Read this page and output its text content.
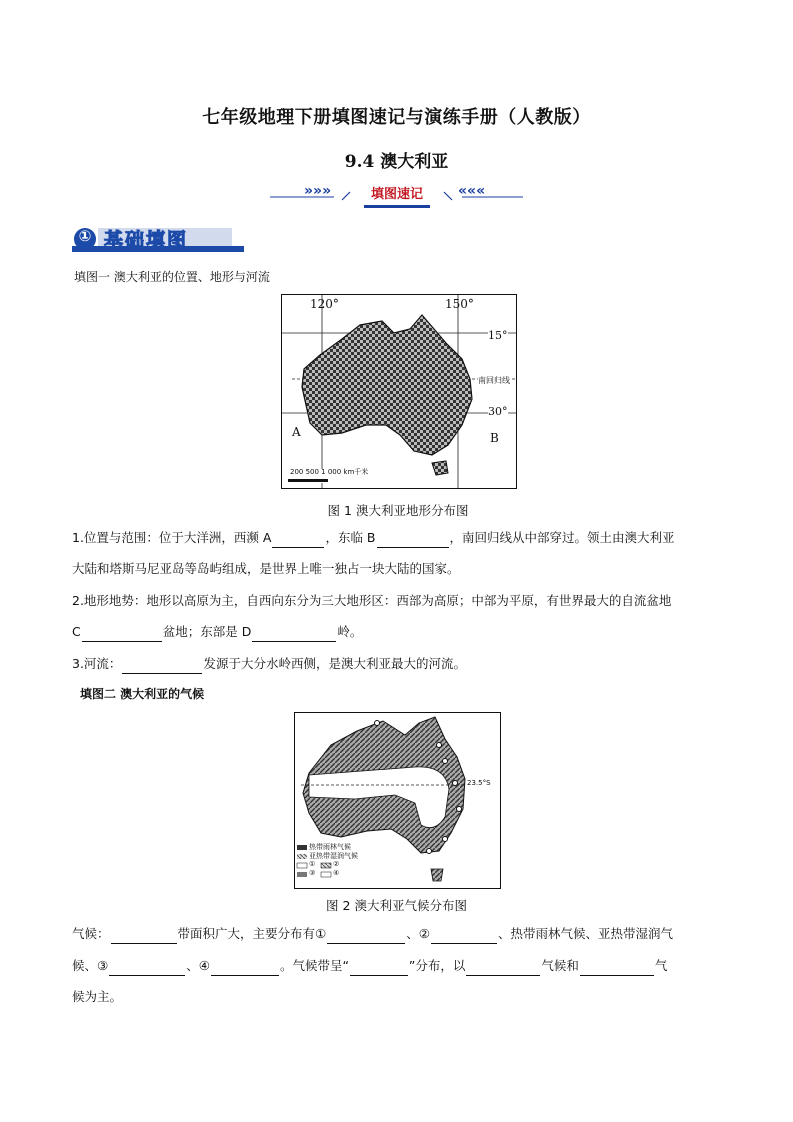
七年级地理下册填图速记与演练手册（人教版）
9.4 澳大利亚
»»»	填图速记	«««
① 基础填图
填图一 澳大利亚的位置、地形与河流
120°	150°
15°
南回归线
30°
A	B
200 500 1 000 km千米
图 1 澳大利亚地形分布图
1.位置与范围：位于大洋洲，西濒 A	，东临 B	，南回归线从中部穿过。领土由澳大利亚
大陆和塔斯马尼亚岛等岛屿组成，是世界上唯一独占一块大陆的国家。
2.地形地势：地形以高原为主，自西向东分为三大地形区：西部为高原；中部为平原，有世界最大的自流盆地
C	盆地；东部是 D	岭。
3.河流：	发源于大分水岭西侧，是澳大利亚最大的河流。
填图二 澳大利亚的气候
23.5°S
热带雨林气候
亚热带湿润气候
①	②
③	④
图 2 澳大利亚气候分布图
气候：	带面积广大，主要分布有①	、②	、热带雨林气候、亚热带湿润气
候、③	、④	。气候带呈“	”分布，以	气候和	气
候为主。
